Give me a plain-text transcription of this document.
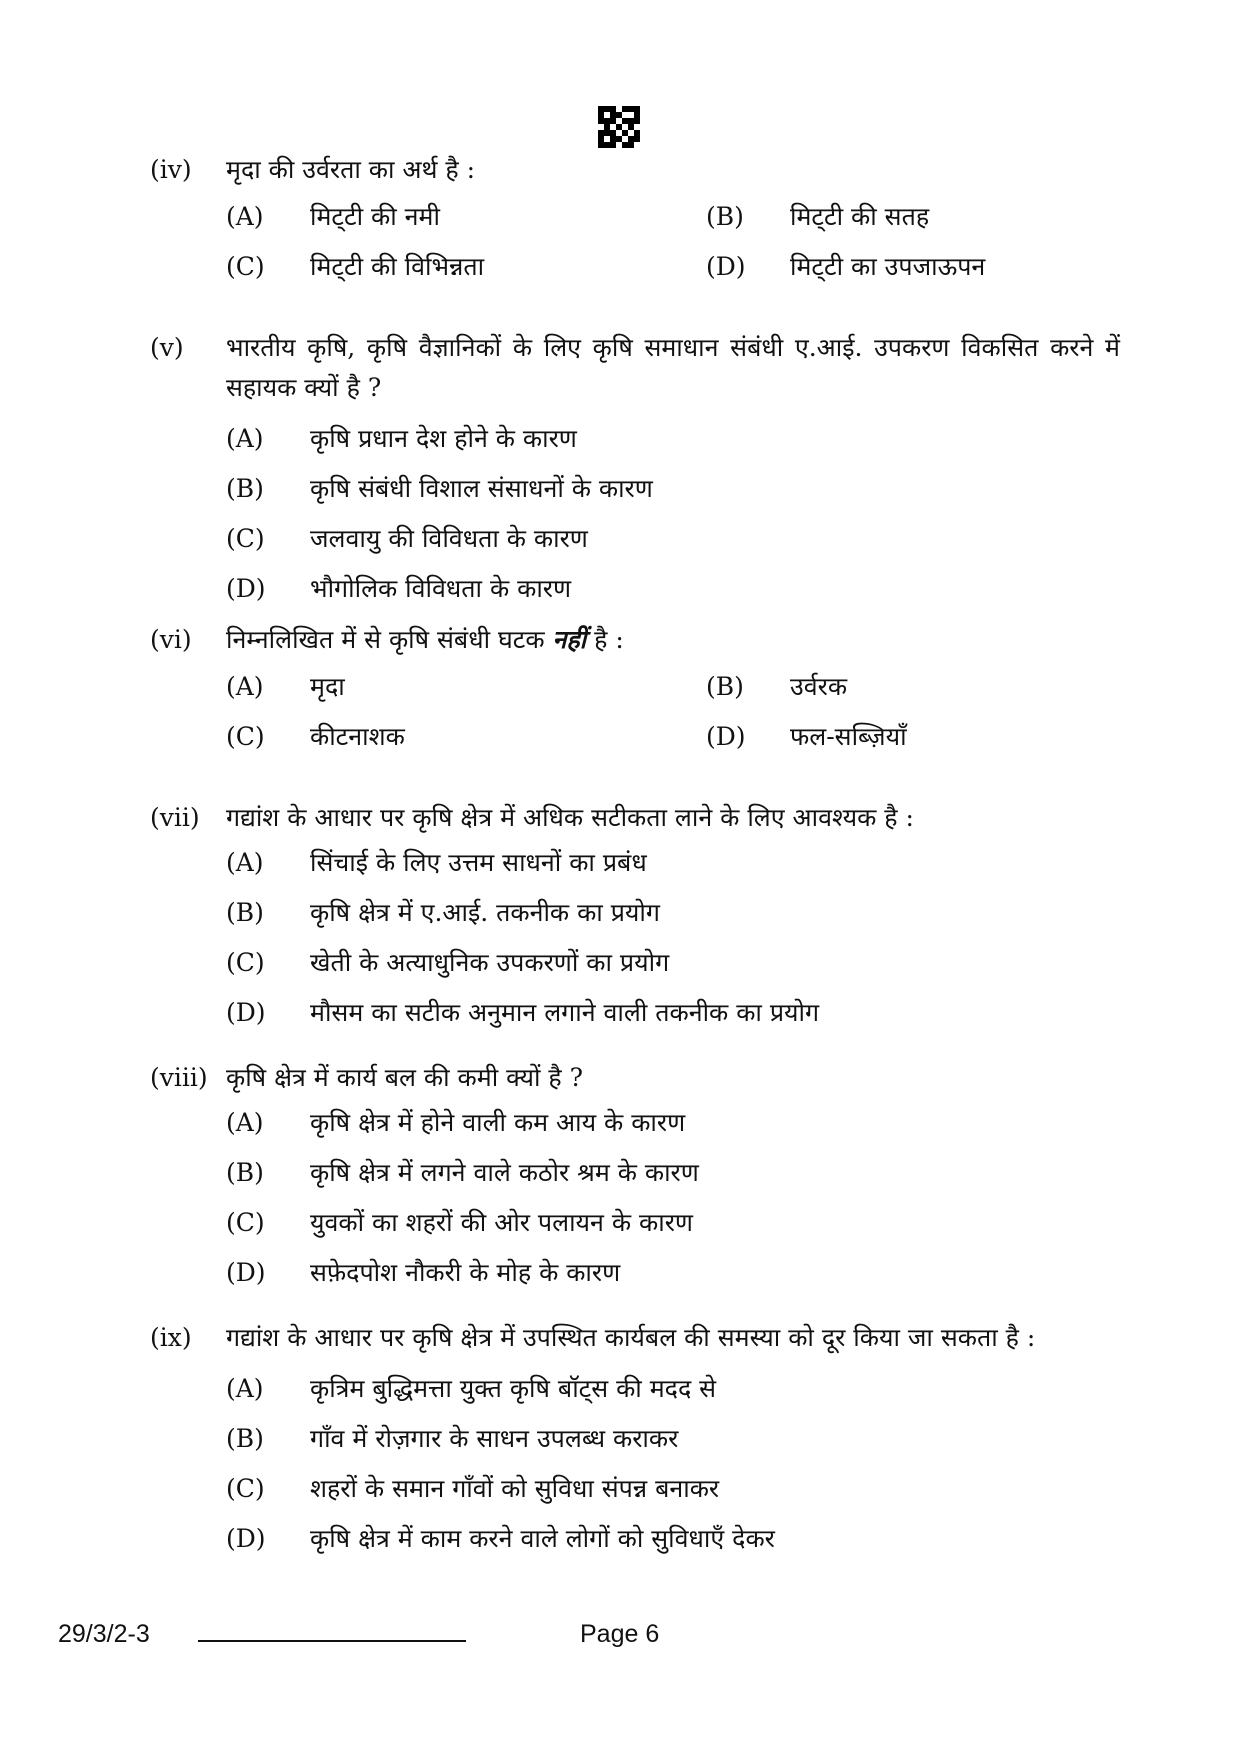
(iv)	मृदा की उर्वरता का अर्थ है :
(A)	मिट्‌टी की नमी	(B)	मिट्‌टी की सतह
(C)	मिट्‌टी की विभिन्नता	(D)	मिट्‌टी का उपजाऊपन
(v)	भारतीय कृषि, कृषि वैज्ञानिकों के लिए कृषि समाधान संबंधी ए.आई. उपकरण विकसित करने में सहायक क्यों है ?
(A)	कृषि प्रधान देश होने के कारण
(B)	कृषि संबंधी विशाल संसाधनों के कारण
(C)	जलवायु की विविधता के कारण
(D)	भौगोलिक विविधता के कारण
(vi)	निम्नलिखित में से कृषि संबंधी घटक नहीं है :
(A)	मृदा	(B)	उर्वरक
(C)	कीटनाशक	(D)	फल-सब्ज़ियाँ
(vii)	गद्यांश के आधार पर कृषि क्षेत्र में अधिक सटीकता लाने के लिए आवश्यक है :
(A)	सिंचाई के लिए उत्तम साधनों का प्रबंध
(B)	कृषि क्षेत्र में ए.आई. तकनीक का प्रयोग
(C)	खेती के अत्याधुनिक उपकरणों का प्रयोग
(D)	मौसम का सटीक अनुमान लगाने वाली तकनीक का प्रयोग
(viii) कृषि क्षेत्र में कार्य बल की कमी क्यों है ?
(A)	कृषि क्षेत्र में होने वाली कम आय के कारण
(B)	कृषि क्षेत्र में लगने वाले कठोर श्रम के कारण
(C)	युवकों का शहरों की ओर पलायन के कारण
(D)	सफ़ेदपोश नौकरी के मोह के कारण
(ix)	गद्यांश के आधार पर कृषि क्षेत्र में उपस्थित कार्यबल की समस्या को दूर किया जा सकता है :
(A)	कृत्रिम बुद्धिमत्ता युक्त कृषि बॉट्स की मदद से
(B)	गाँव में रोज़गार के साधन उपलब्ध कराकर
(C)	शहरों के समान गाँवों को सुविधा संपन्न बनाकर
(D)	कृषि क्षेत्र में काम करने वाले लोगों को सुविधाएँ देकर
29/3/2-3	Page 6
